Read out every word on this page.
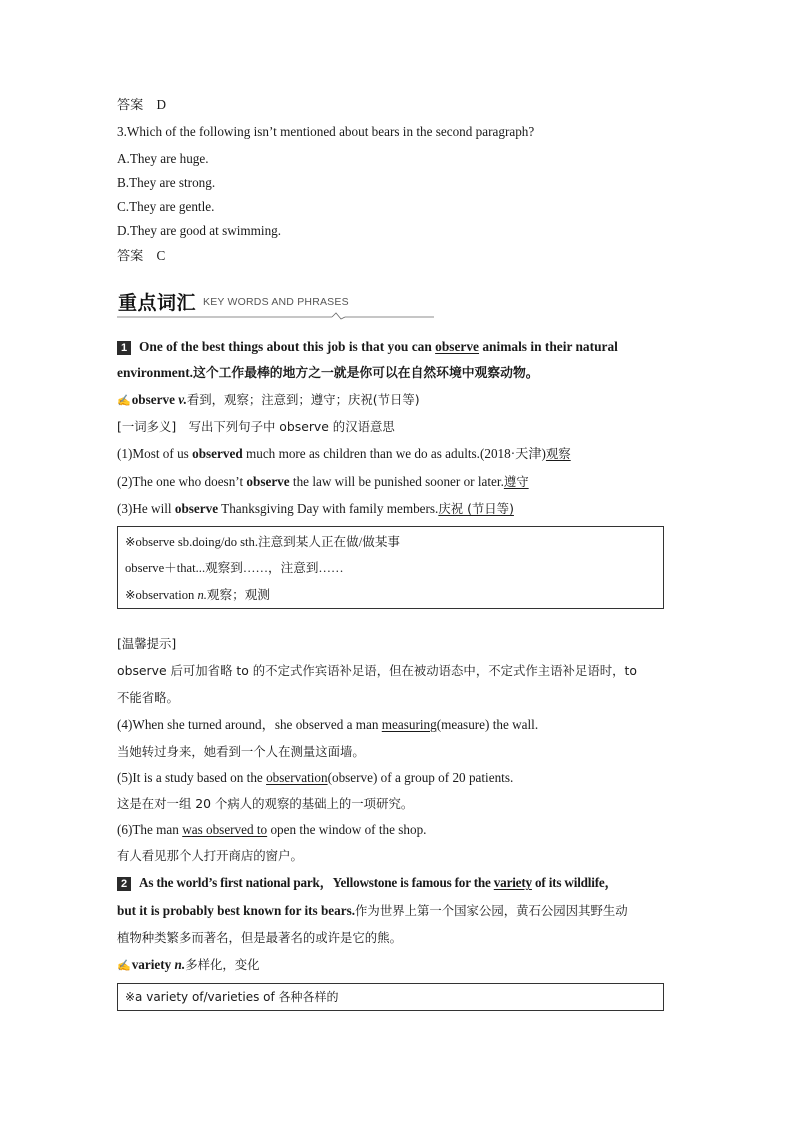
答案　D
3.Which of the following isn’t mentioned about bears in the second paragraph?
A.They are huge.
B.They are strong.
C.They are gentle.
D.They are good at swimming.
答案　C
重点词汇 KEY WORDS AND PHRASES
1 One of the best things about this job is that you can observe animals in their natural
environment.这个工作最棒的地方之一就是你可以在自然环境中观察动物。
✍observe v.看到，观察；注意到；遵守；庆祝(节日等)
[一词多义]　写出下列句子中 observe 的汉语意思
(1)Most of us observed much more as children than we do as adults.(2018·天津)观察
(2)The one who doesn’t observe the law will be punished sooner or later.遵守
(3)He will observe Thanksgiving Day with family members.庆祝 (节日等)
※observe sb.doing/do sth.注意到某人正在做/做某事
observe＋that...观察到……，注意到……
※observation n.观察；观测
[温馨提示]
observe 后可加省略 to 的不定式作宾语补足语，但在被动语态中，不定式作主语补足语时，to
不能省略。
(4)When she turned around，she observed a man measuring(measure) the wall.
当她转过身来，她看到一个人在测量这面墙。
(5)It is a study based on the observation(observe) of a group of 20 patients.
这是在对一组 20 个病人的观察的基础上的一项研究。
(6)The man was observed to open the window of the shop.
有人看见那个人打开商店的窗户。
2 As the world’s first national park，Yellowstone is famous for the variety of its wildlife，
but it is probably best known for its bears.作为世界上第一个国家公园，黄石公园因其野生动
植物种类繁多而著名，但是最著名的或许是它的熊。
✍variety n.多样化，变化
※a variety of/varieties of 各种各样的
